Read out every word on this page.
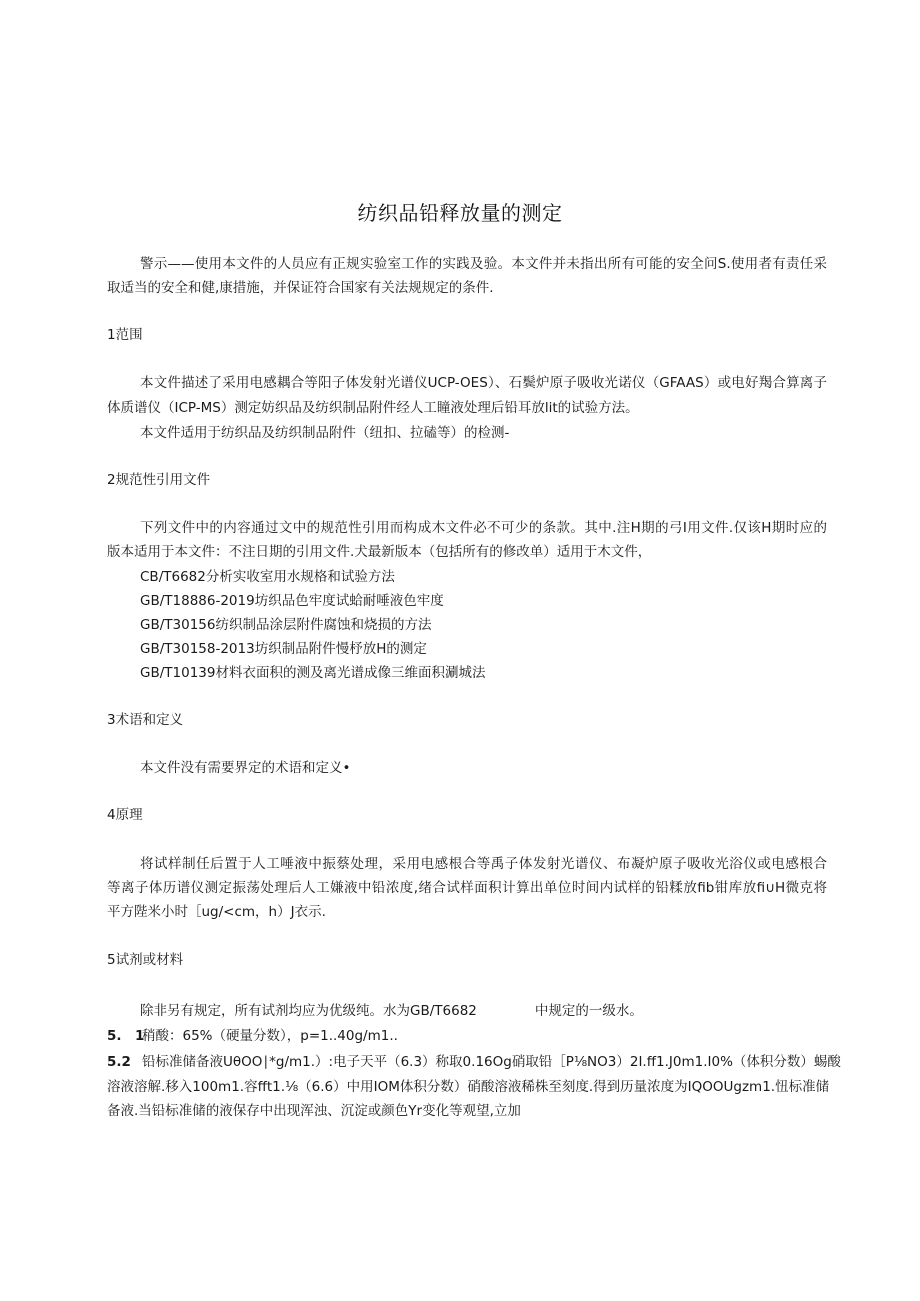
纺织品铅释放量的测定
警示——使用本文件的人员应有正规实验室工作的实践及验。本文件并未指出所有可能的安全问S.使用者有责任采
取适当的安全和健,康措施，并保证符合国家有关法规规定的条件.
1范围
本文件描述了采用电感耦合等阳子体发射光谱仪UCP-OES）、石鬓炉原子吸收光诺仪（GFAAS）或电好羯合算离子
体质谱仪（ICP-MS）测定妨织品及纺织制品附件经人工瞳液处理后铅耳放lit的试验方法。
本文件适用于纺织品及纺织制品附件（纽扣、拉磕等）的检测-
2规范性引用文件
下列文件中的内容通过文中的规范性引用而构成木文件必不可少的条款。其中.注H期的弓I用文件.仅该H期时应的
版本适用于本文件：不注日期的引用文件.犬最新版本（包括所有的修改单）适用于木文件，
CB/T6682分析实收室用水规格和试验方法
GB/T18886-2019坊织品色牢度试蛤耐唾液色牢度
GB/T30156纺织制品涂层附件腐蚀和烧损的方法
GB/T30158-2013坊织制品附件慢杼放H的测定
GB/T10139材料衣面积的测及离光谱成像三维面积涮城法
3术语和定义
本文件没有需要界定的术语和定义•
4原理
将试样制任后置于人工唾液中振蔡处理，采用电感根合等禹子体发射光谱仪、布凝炉原子吸收光浴仪或电感根合
等离子体历谱仪测定振荡处理后人工嫌液中铅浓度,绪合试样面积计算出单位时间内试样的铅糅放fib钳库放fi∪H微克将
平方陛米小时［ug/<cm，h）J衣示.
5试剂或材料
除非另有规定，所有试剂均应为优级纯。水为GB/T6682	中规定的一级水。
5.　1
稍酸：65%（硬量分数），p=1..40g/m1..
5.2 铅标准储备液UθOO∣*g/m1.）:电子天平（6.3）称取0.16Og硝取铅［P⅛NO3）2I.ff1.J0m1.I0%（体积分数）蜴酸
溶液溶解.移入100m1.容fft1.⅛（6.6）中用IOM体积分数）硝酸溶液稀株至刻度.得到历量浓度为IQOOUgzm1.忸标准储
备液.当铅标准储的液保存中出现浑浊、沉淀或颜色Yr变化等观望,立加
